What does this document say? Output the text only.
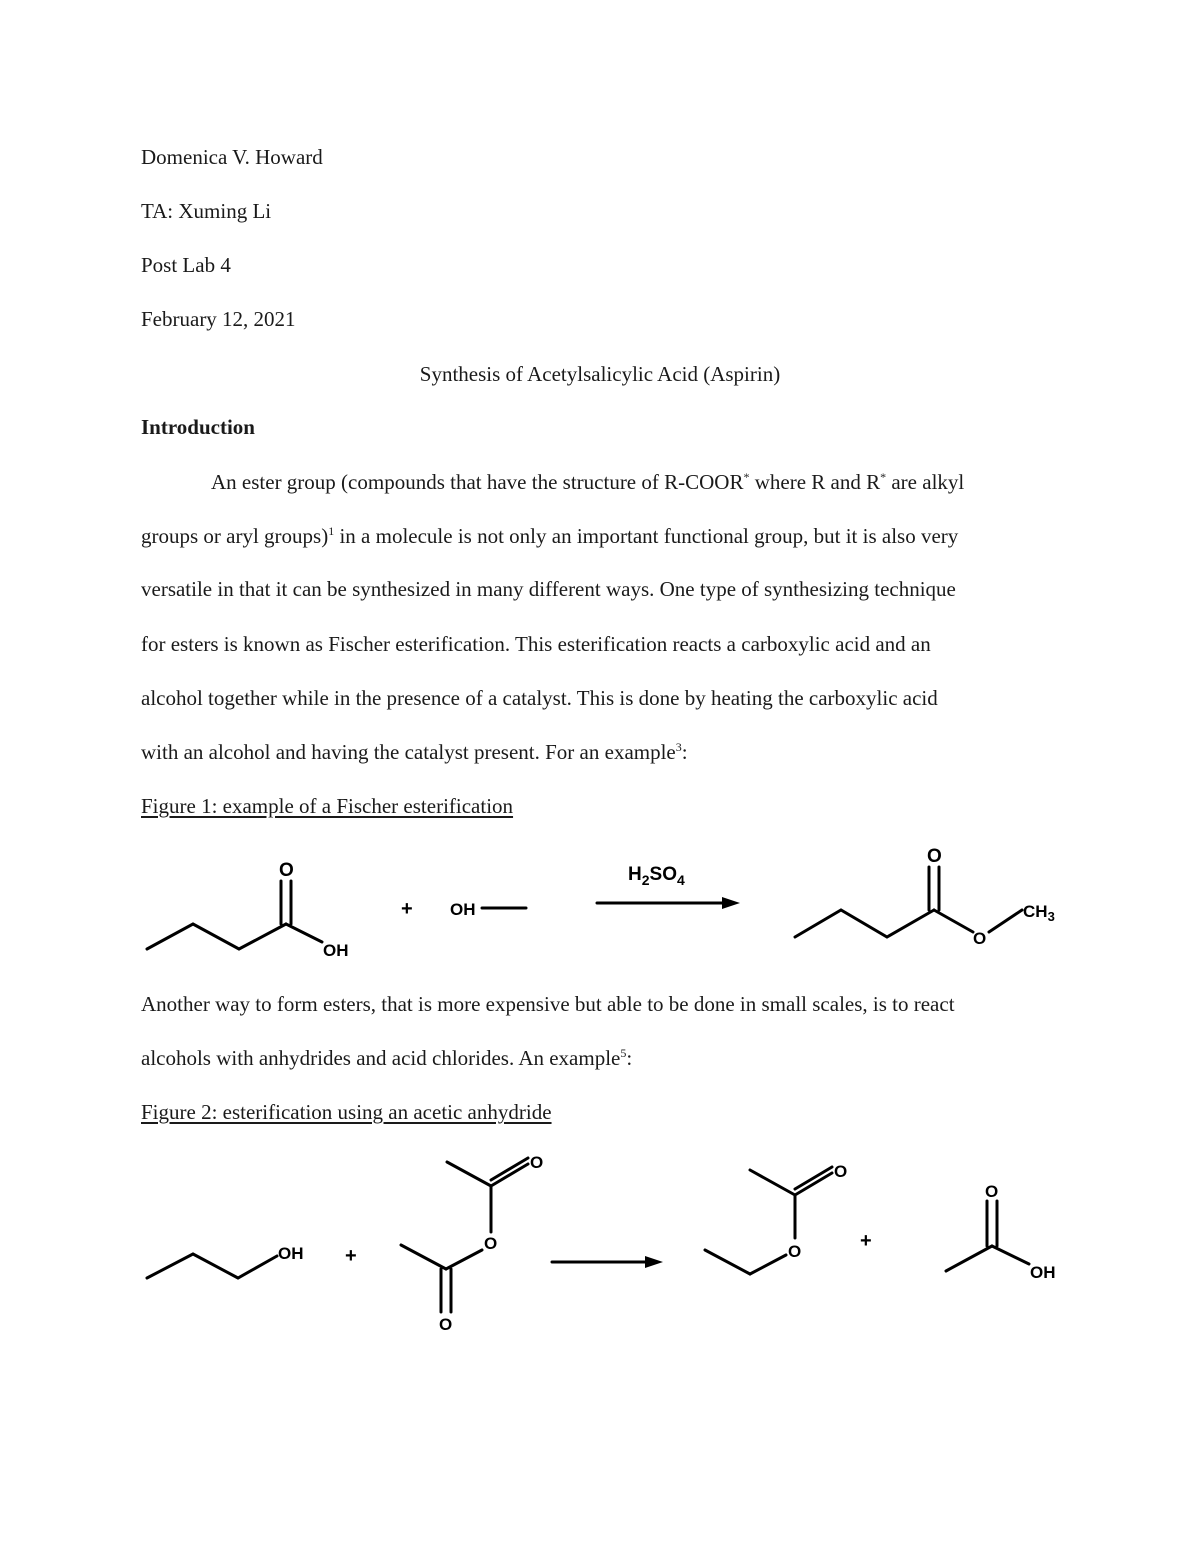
Domenica V. Howard
TA: Xuming Li
Post Lab 4
February 12, 2021
Synthesis of Acetylsalicylic Acid (Aspirin)
Introduction
An ester group (compounds that have the structure of R-COOR* where R and R* are alkyl
groups or aryl groups)$^1$ in a molecule is not only an important functional group, but it is also very
versatile in that it can be synthesized in many different ways. One type of synthesizing technique
for esters is known as Fischer esterification. This esterification reacts a carboxylic acid and an
alcohol together while in the presence of a catalyst. This is done by heating the carboxylic acid
with an alcohol and having the catalyst present. For an example$^3$:
Figure 1: example of a Fischer esterification
O
OH
+ OH
$H_2SO_4$
O
O
$CH_3$
Another way to form esters, that is more expensive but able to be done in small scales, is to react
alcohols with anhydrides and acid chlorides. An example$^5$:
Figure 2: esterification using an acetic anhydride
OH +
O
O
O
O
O	+
O
OH
